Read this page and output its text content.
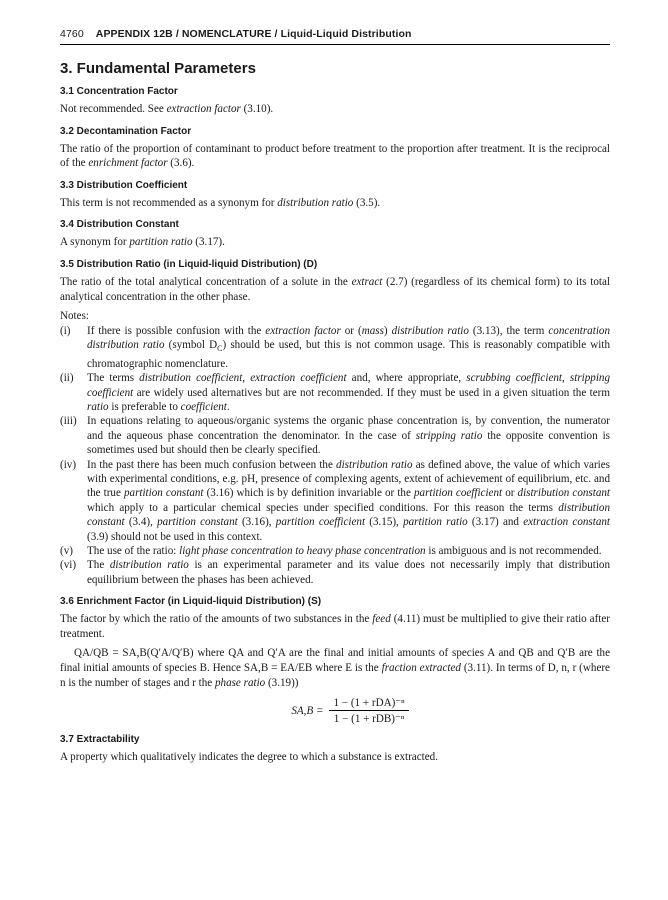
4760 APPENDIX 12B / NOMENCLATURE / Liquid-Liquid Distribution
3. Fundamental Parameters
3.1 Concentration Factor

Not recommended. See extraction factor (3.10).

3.2 Decontamination Factor

The ratio of the proportion of contaminant to product before treatment to the proportion after treatment. It is the reciprocal of the enrichment factor (3.6).

3.3 Distribution Coefficient

This term is not recommended as a synonym for distribution ratio (3.5).

3.4 Distribution Constant

A synonym for partition ratio (3.17).

3.5 Distribution Ratio (in Liquid-liquid Distribution) (D)

The ratio of the total analytical concentration of a solute in the extract (2.7) (regardless of its chemical form) to its total analytical concentration in the other phase.

Notes:

(i)	If there is possible confusion with the extraction factor or (mass) distribution ratio (3.13), the term concentration distribution ratio (symbol $D_C$) should be used, but this is not common usage. This is reasonably compatible with chromatographic nomenclature.
(ii)	The terms distribution coefficient, extraction coefficient and, where appropriate, scrubbing coefficient, stripping coefficient are widely used alternatives but are not recommended. If they must be used in a given situation the term ratio is preferable to coefficient.
(iii) In equations relating to aqueous/organic systems the organic phase concentration is, by convention, the numerator and the aqueous phase concentration the denominator. In the case of stripping ratio the opposite convention is sometimes used but should then be clearly specified.
(iv) In the past there has been much confusion between the distribution ratio as defined above, the value of which varies with experimental conditions, e.g. pH, presence of complexing agents, extent of achievement of equilibrium, etc. and the true partition constant (3.16) which is by definition invariable or the partition coefficient or distribution constant which apply to a particular chemical species under specified conditions. For this reason the terms distribution constant (3.4), partition constant (3.16), partition coefficient (3.15), partition ratio (3.17) and extraction constant (3.9) should not be used in this context.
(v)	The use of the ratio: light phase concentration to heavy phase concentration is ambiguous and is not recommended.
(vi) The distribution ratio is an experimental parameter and its value does not necessarily imply that distribution equilibrium between the phases has been achieved.
3.6 Enrichment Factor (in Liquid-liquid Distribution) (S)

The factor by which the ratio of the amounts of two substances in the feed (4.11) must be multiplied to give their ratio after treatment.

QA/QB = SA,B(Q′A/Q′B) where QA and Q′A are the final and initial amounts of species A and QB and Q′B are the final initial amounts of species B. Hence SA,B = EA/EB where E is the fraction extracted (3.11). In terms of D, n, r (where n is the number of stages and r the phase ratio (3.19))

$SA,B = \frac{\text{1 − (1 + rDA)⁻ⁿ}}{\text{1 − (1 + rDB)⁻ⁿ}}$
3.7 Extractability

A property which qualitatively indicates the degree to which a substance is extracted.
